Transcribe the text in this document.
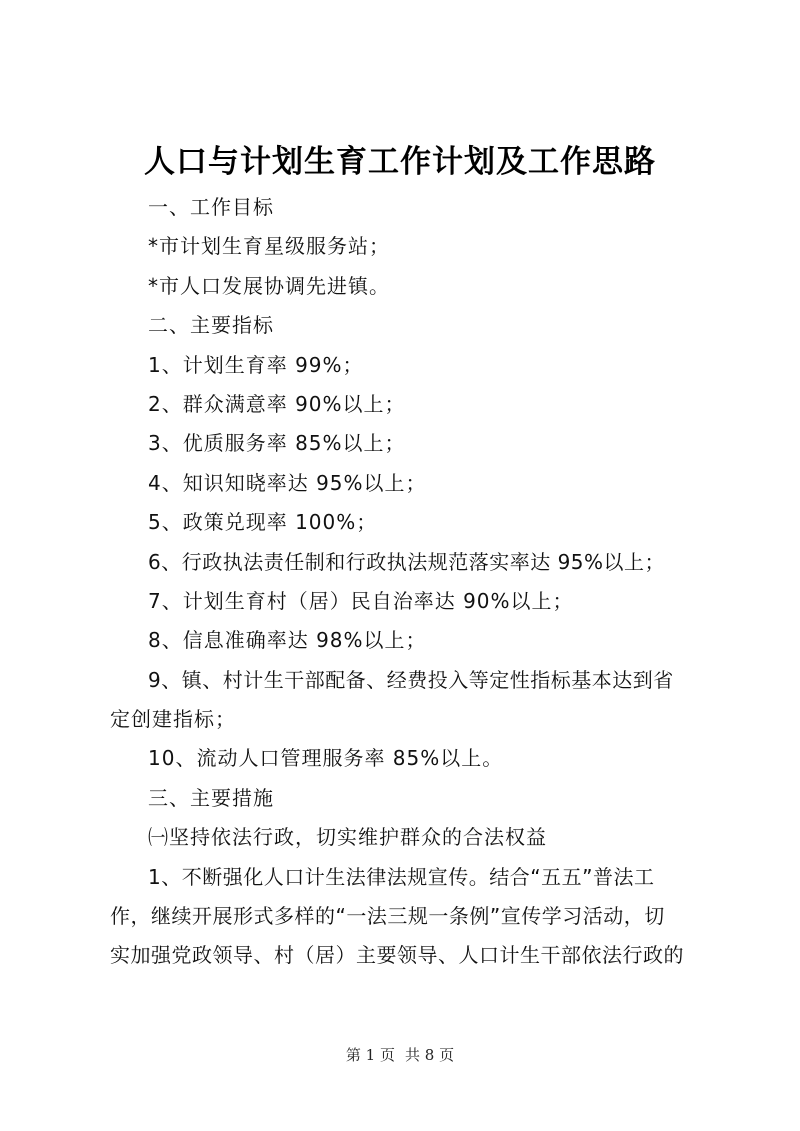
人口与计划生育工作计划及工作思路
一、工作目标
*市计划生育星级服务站；
*市人口发展协调先进镇。
二、主要指标
1、计划生育率 99%；
2、群众满意率 90%以上；
3、优质服务率 85%以上；
4、知识知晓率达 95%以上；
5、政策兑现率 100%；
6、行政执法责任制和行政执法规范落实率达 95%以上；
7、计划生育村（居）民自治率达 90%以上；
8、信息准确率达 98%以上；
9、镇、村计生干部配备、经费投入等定性指标基本达到省
定创建指标；
10、流动人口管理服务率 85%以上。
三、主要措施
㈠坚持依法行政，切实维护群众的合法权益
1、不断强化人口计生法律法规宣传。结合“五五”普法工
作，继续开展形式多样的“一法三规一条例”宣传学习活动，切
实加强党政领导、村（居）主要领导、人口计生干部依法行政的
第 1 页 共 8 页
